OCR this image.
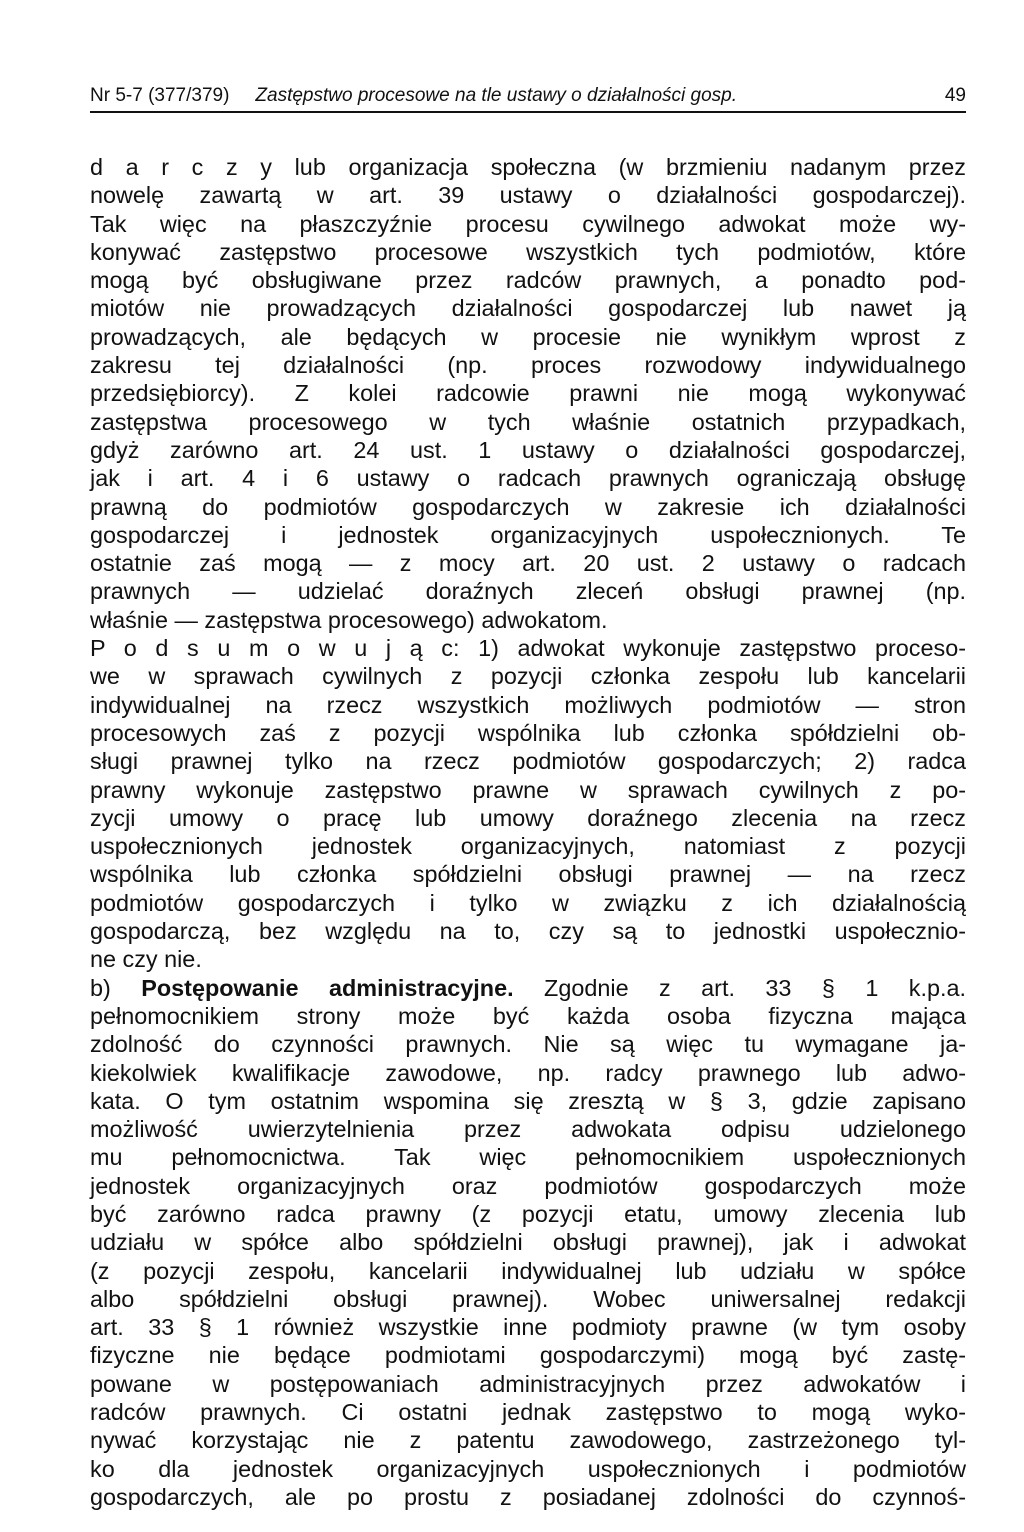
Nr 5-7 (377/379) Zastępstwo procesowe na tle ustawy o działalności gosp.	49
d a r c z y lub organizacja społeczna (w brzmieniu nadanym przez
nowelę zawartą w art. 39 ustawy o działalności gospodarczej).
Tak więc na płaszczyźnie procesu cywilnego adwokat może wy-
konywać zastępstwo procesowe wszystkich tych podmiotów, które
mogą być obsługiwane przez radców prawnych, a ponadto pod-
miotów nie prowadzących działalności gospodarczej lub nawet ją
prowadzących, ale będących w procesie nie wynikłym wprost z
zakresu tej działalności (np. proces rozwodowy indywidualnego
przedsiębiorcy). Z kolei radcowie prawni nie mogą wykonywać
zastępstwa procesowego w tych właśnie ostatnich przypadkach,
gdyż zarówno art. 24 ust. 1 ustawy o działalności gospodarczej,
jak i art. 4 i 6 ustawy o radcach prawnych ograniczają obsługę
prawną do podmiotów gospodarczych w zakresie ich działalności
gospodarczej i jednostek organizacyjnych uspołecznionych. Te
ostatnie zaś mogą — z mocy art. 20 ust. 2 ustawy o radcach
prawnych — udzielać doraźnych zleceń obsługi prawnej (np.
właśnie — zastępstwa procesowego) adwokatom.
P o d s u m o w u j ą c: 1) adwokat wykonuje zastępstwo proceso-
we w sprawach cywilnych z pozycji członka zespołu lub kancelarii
indywidualnej na rzecz wszystkich możliwych podmiotów — stron
procesowych zaś z pozycji wspólnika lub członka spółdzielni ob-
sługi prawnej tylko na rzecz podmiotów gospodarczych; 2) radca
prawny wykonuje zastępstwo prawne w sprawach cywilnych z po-
zycji umowy o pracę lub umowy doraźnego zlecenia na rzecz
uspołecznionych jednostek organizacyjnych, natomiast z pozycji
wspólnika lub członka spółdzielni obsługi prawnej — na rzecz
podmiotów gospodarczych i tylko w związku z ich działalnością
gospodarczą, bez względu na to, czy są to jednostki uspołecznio-
ne czy nie.
b) Postępowanie administracyjne. Zgodnie z art. 33 § 1 k.p.a.
pełnomocnikiem strony może być każda osoba fizyczna mająca
zdolność do czynności prawnych. Nie są więc tu wymagane ja-
kiekolwiek kwalifikacje zawodowe, np. radcy prawnego lub adwo-
kata. O tym ostatnim wspomina się zresztą w § 3, gdzie zapisano
możliwość uwierzytelnienia przez adwokata odpisu udzielonego
mu pełnomocnictwa. Tak więc pełnomocnikiem uspołecznionych
jednostek organizacyjnych oraz podmiotów gospodarczych może
być zarówno radca prawny (z pozycji etatu, umowy zlecenia lub
udziału w spółce albo spółdzielni obsługi prawnej), jak i adwokat
(z pozycji zespołu, kancelarii indywidualnej lub udziału w spółce
albo spółdzielni obsługi prawnej). Wobec uniwersalnej redakcji
art. 33 § 1 również wszystkie inne podmioty prawne (w tym osoby
fizyczne nie będące podmiotami gospodarczymi) mogą być zastę-
powane w postępowaniach administracyjnych przez adwokatów i
radców prawnych. Ci ostatni jednak zastępstwo to mogą wyko-
nywać korzystając nie z patentu zawodowego, zastrzeżonego tyl-
ko dla jednostek organizacyjnych uspołecznionych i podmiotów
gospodarczych, ale po prostu z posiadanej zdolności do czynnoś-
